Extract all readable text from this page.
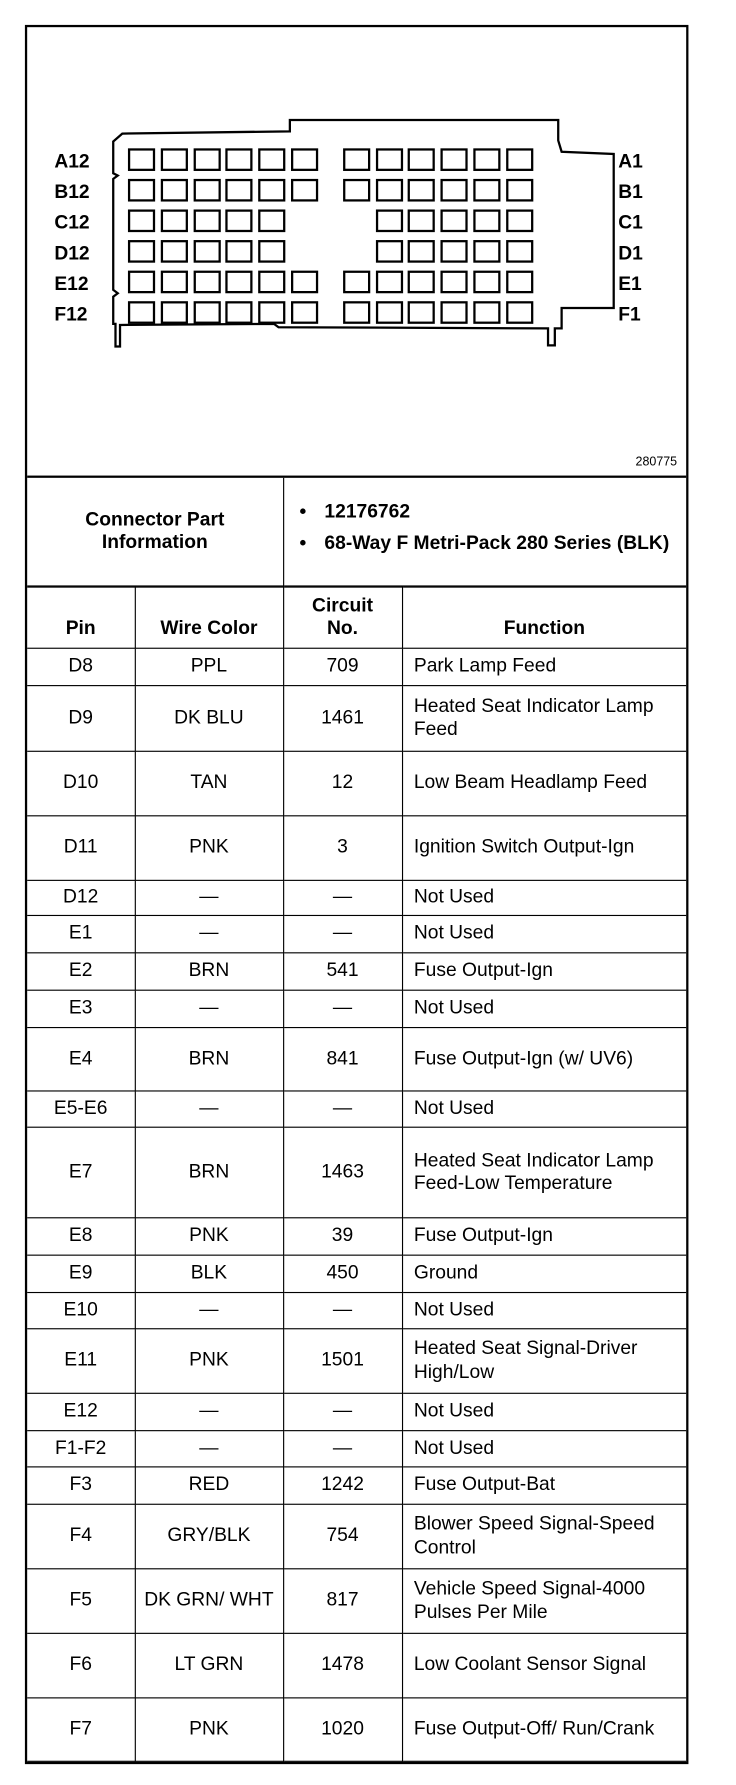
A12	A1
B12	B1
C12	C1
D12	D1
E12	E1
F12	F1
280775
Connector Part Information	
• 12176762
• 68-Way F Metri-Pack 280 Series (BLK)
Pin	Wire Color	Circuit No.	Function
D8	PPL	709	Park Lamp Feed
D9	DK BLU	1461	Heated Seat Indicator Lamp Feed
D10	TAN	12	Low Beam Headlamp Feed
D11	PNK	3	Ignition Switch Output-Ign
D12	—	—	Not Used
E1	—	—	Not Used
E2	BRN	541	Fuse Output-Ign
E3	—	—	Not Used
E4	BRN	841	Fuse Output-Ign (w/ UV6)
E5-E6	—	—	Not Used
E7	BRN	1463	Heated Seat Indicator Lamp Feed-Low Temperature
E8	PNK	39	Fuse Output-Ign
E9	BLK	450	Ground
E10	—	—	Not Used
E11	PNK	1501	Heated Seat Signal-Driver High/Low
E12	—	—	Not Used
F1-F2	—	—	Not Used
F3	RED	1242	Fuse Output-Bat
F4	GRY/BLK	754	Blower Speed Signal-Speed Control
F5	DK GRN/ WHT	817	Vehicle Speed Signal-4000 Pulses Per Mile
F6	LT GRN	1478	Low Coolant Sensor Signal
F7	PNK	1020	Fuse Output-Off/ Run/Crank
